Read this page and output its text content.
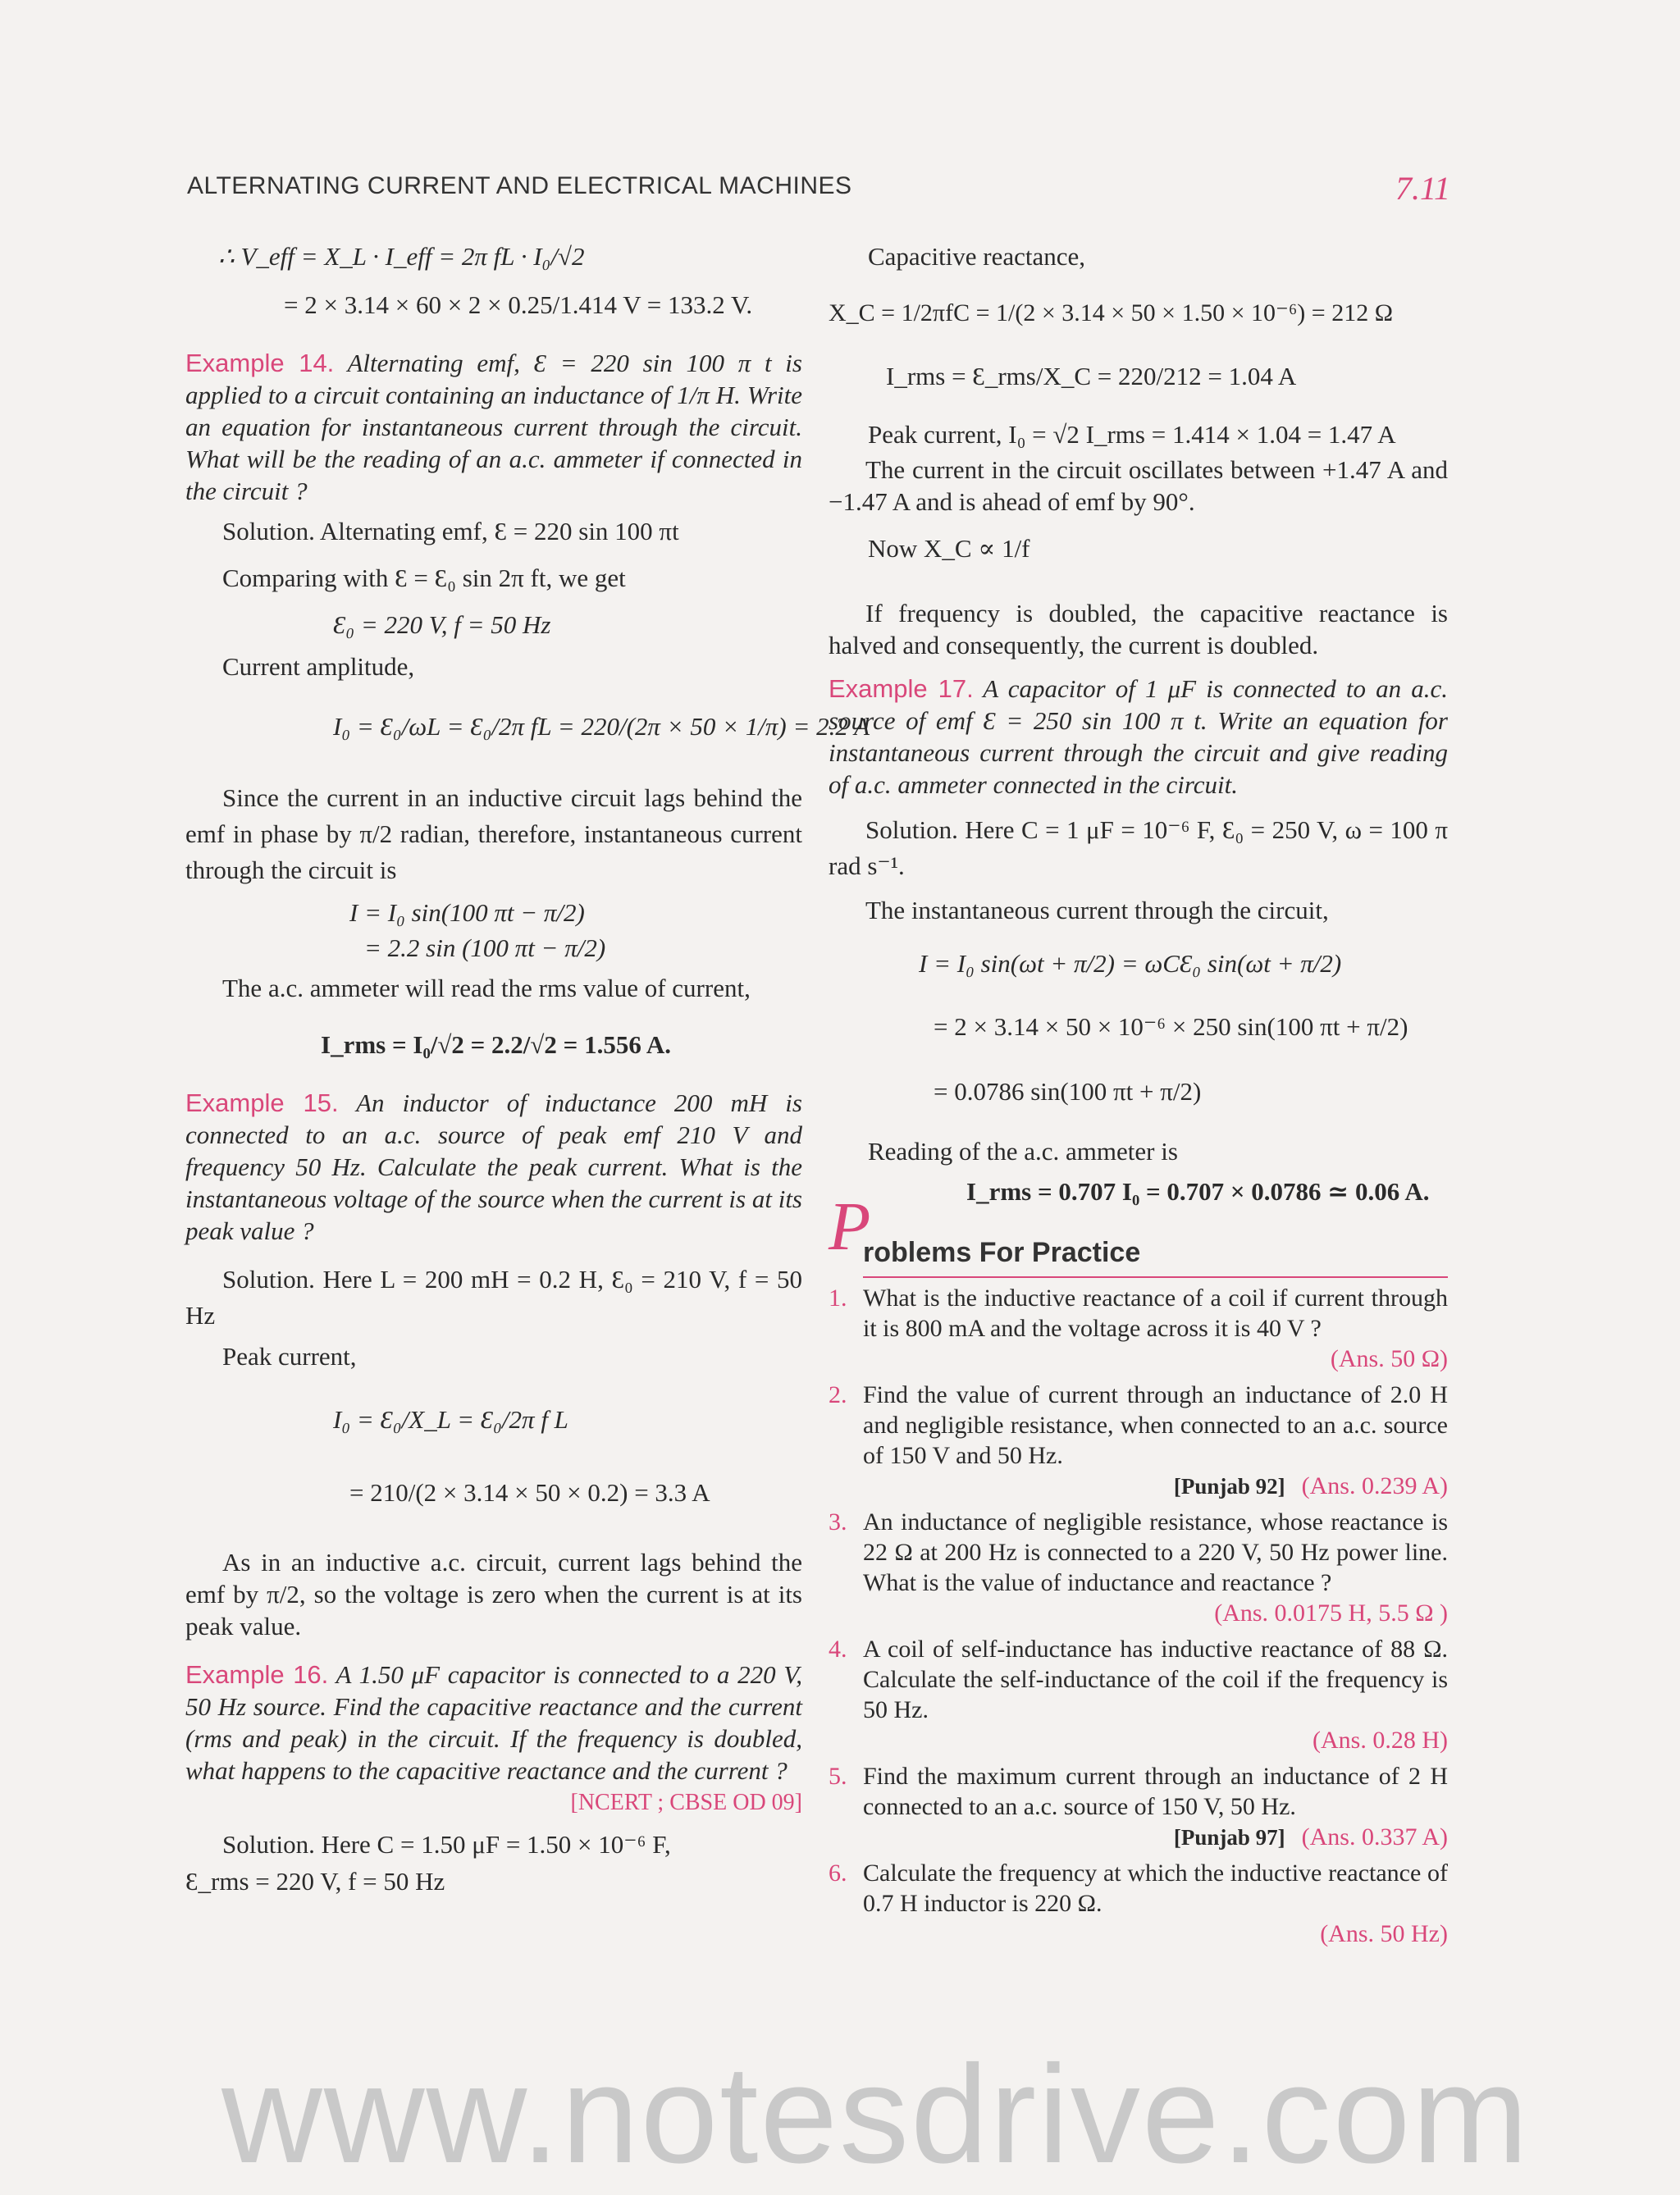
ALTERNATING CURRENT AND ELECTRICAL MACHINES	7.11

∴ V_eff = X_L · I_eff = 2π fL · I₀/√2

= 2 × 3.14 × 60 × 2 × 0.25/1.414 V = 133.2 V.

Example 14. Alternating emf, Ɛ = 220 sin 100 π t is applied to a circuit containing an inductance of 1/π H. Write an equation for instantaneous current through the circuit. What will be the reading of an a.c. ammeter if connected in the circuit ?

Solution. Alternating emf, Ɛ = 220 sin 100 πt

Comparing with Ɛ = Ɛ₀ sin 2π ft, we get

Ɛ₀ = 220 V, f = 50 Hz

Current amplitude,

I₀ = Ɛ₀/ωL = Ɛ₀/2π fL = 220/(2π × 50 × 1/π) = 2.2 A

Since the current in an inductive circuit lags behind the emf in phase by π/2 radian, therefore, instantaneous current through the circuit is

I = I₀ sin(100 πt − π/2)

= 2.2 sin (100 πt − π/2)

The a.c. ammeter will read the rms value of current,

I_rms = I₀/√2 = 2.2/√2 = 1.556 A.

Example 15. An inductor of inductance 200 mH is connected to an a.c. source of peak emf 210 V and frequency 50 Hz. Calculate the peak current. What is the instantaneous voltage of the source when the current is at its peak value ?

Solution. Here L = 200 mH = 0.2 H, Ɛ₀ = 210 V, f = 50 Hz

Peak current,

I₀ = Ɛ₀/X_L = Ɛ₀/2π f L

= 210/(2 × 3.14 × 50 × 0.2) = 3.3 A

As in an inductive a.c. circuit, current lags behind the emf by π/2, so the voltage is zero when the current is at its peak value.

Example 16. A 1.50 μF capacitor is connected to a 220 V, 50 Hz source. Find the capacitive reactance and the current (rms and peak) in the circuit. If the frequency is doubled, what happens to the capacitive reactance and the current ?

[NCERT ; CBSE OD 09]

Solution. Here C = 1.50 μF = 1.50 × 10⁻⁶ F,

Ɛ_rms = 220 V, f = 50 Hz

Capacitive reactance,

X_C = 1/2πfC = 1/(2 × 3.14 × 50 × 1.50 × 10⁻⁶) = 212 Ω

I_rms = Ɛ_rms/X_C = 220/212 = 1.04 A

Peak current, I₀ = √2 I_rms = 1.414 × 1.04 = 1.47 A

The current in the circuit oscillates between +1.47 A and −1.47 A and is ahead of emf by 90°.

Now X_C ∝ 1/f

If frequency is doubled, the capacitive reactance is halved and consequently, the current is doubled.

Example 17. A capacitor of 1 μF is connected to an a.c. source of emf Ɛ = 250 sin 100 π t. Write an equation for instantaneous current through the circuit and give reading of a.c. ammeter connected in the circuit.

Solution. Here C = 1 μF = 10⁻⁶ F, Ɛ₀ = 250 V, ω = 100 π rad s⁻¹.

The instantaneous current through the circuit,

I = I₀ sin(ωt + π/2) = ωCƐ₀ sin(ωt + π/2)

= 2 × 3.14 × 50 × 10⁻⁶ × 250 sin(100 πt + π/2)

= 0.0786 sin(100 πt + π/2)

Reading of the a.c. ammeter is

I_rms = 0.707 I₀ = 0.707 × 0.0786 ≃ 0.06 A.

P
roblems For Practice
1. What is the inductive reactance of a coil if current through it is 800 mA and the voltage across it is 40 V ?
(Ans. 50 Ω)
2. Find the value of current through an inductance of 2.0 H and negligible resistance, when connected to an a.c. source of 150 V and 50 Hz.
[Punjab 92] (Ans. 0.239 A)
3. An inductance of negligible resistance, whose reactance is 22 Ω at 200 Hz is connected to a 220 V, 50 Hz power line. What is the value of inductance and reactance ?
(Ans. 0.0175 H, 5.5 Ω )
4. A coil of self-inductance has inductive reactance of 88 Ω. Calculate the self-inductance of the coil if the frequency is 50 Hz.
(Ans. 0.28 H)
5. Find the maximum current through an inductance of 2 H connected to an a.c. source of 150 V, 50 Hz.
[Punjab 97] (Ans. 0.337 A)
6. Calculate the frequency at which the inductive reactance of 0.7 H inductor is 220 Ω.
(Ans. 50 Hz)
www.notesdrive.com
